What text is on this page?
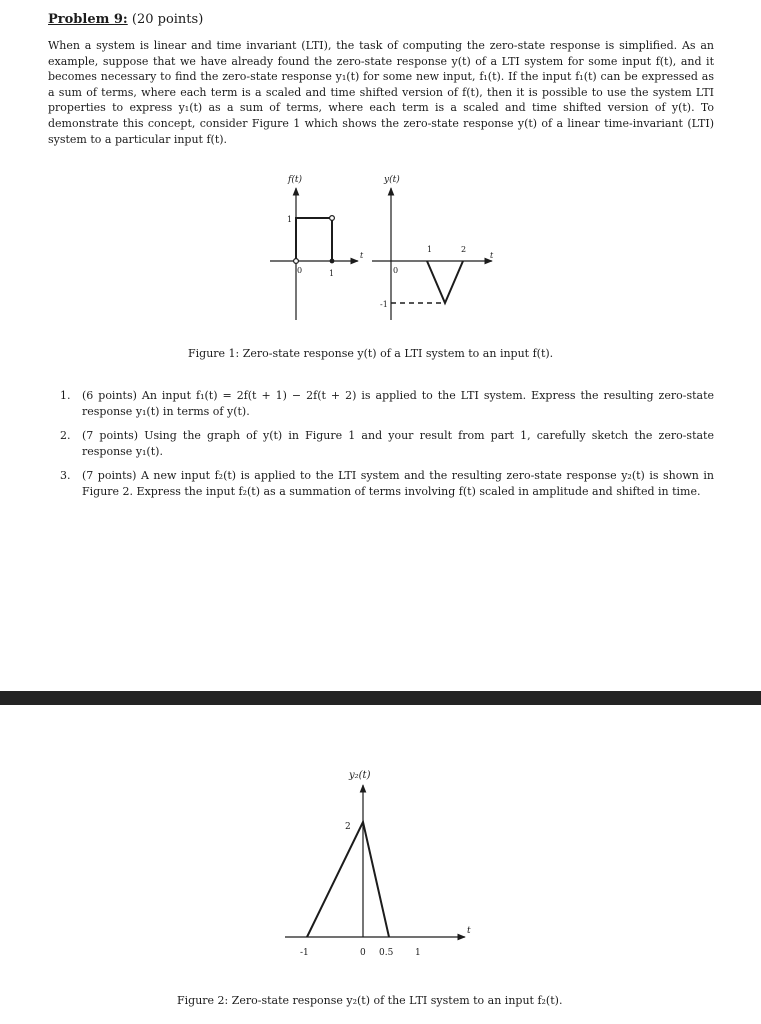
Problem 9: (20 points)

When a system is linear and time invariant (LTI), the task of computing the zero-state response is simplified. As an example, suppose that we have already found the zero-state response y(t) of a LTI system for some input f(t), and it becomes necessary to find the zero-state response y₁(t) for some new input, f₁(t). If the input f₁(t) can be expressed as a sum of terms, where each term is a scaled and time shifted version of f(t), then it is possible to use the system LTI properties to express y₁(t) as a sum of terms, where each term is a scaled and time shifted version of y(t). To demonstrate this concept, consider Figure 1 which shows the zero-state response y(t) of a linear time-invariant (LTI) system to a particular input f(t).

f(t)
1
0	1
t
y(t)
0
1	2
-1
t
Figure 1: Zero-state response y(t) of a LTI system to an input f(t).
1. (6 points) An input f₁(t) = 2f(t + 1) − 2f(t + 2) is applied to the LTI system. Express the resulting zero-state response y₁(t) in terms of y(t).
2. (7 points) Using the graph of y(t) in Figure 1 and your result from part 1, carefully sketch the zero-state response y₁(t).
3. (7 points) A new input f₂(t) is applied to the LTI system and the resulting zero-state response y₂(t) is shown in Figure 2. Express the input f₂(t) as a summation of terms involving f(t) scaled in amplitude and shifted in time.
y₂(t)
2
-1	0 0.5 1
t
Figure 2: Zero-state response y₂(t) of the LTI system to an input f₂(t).
